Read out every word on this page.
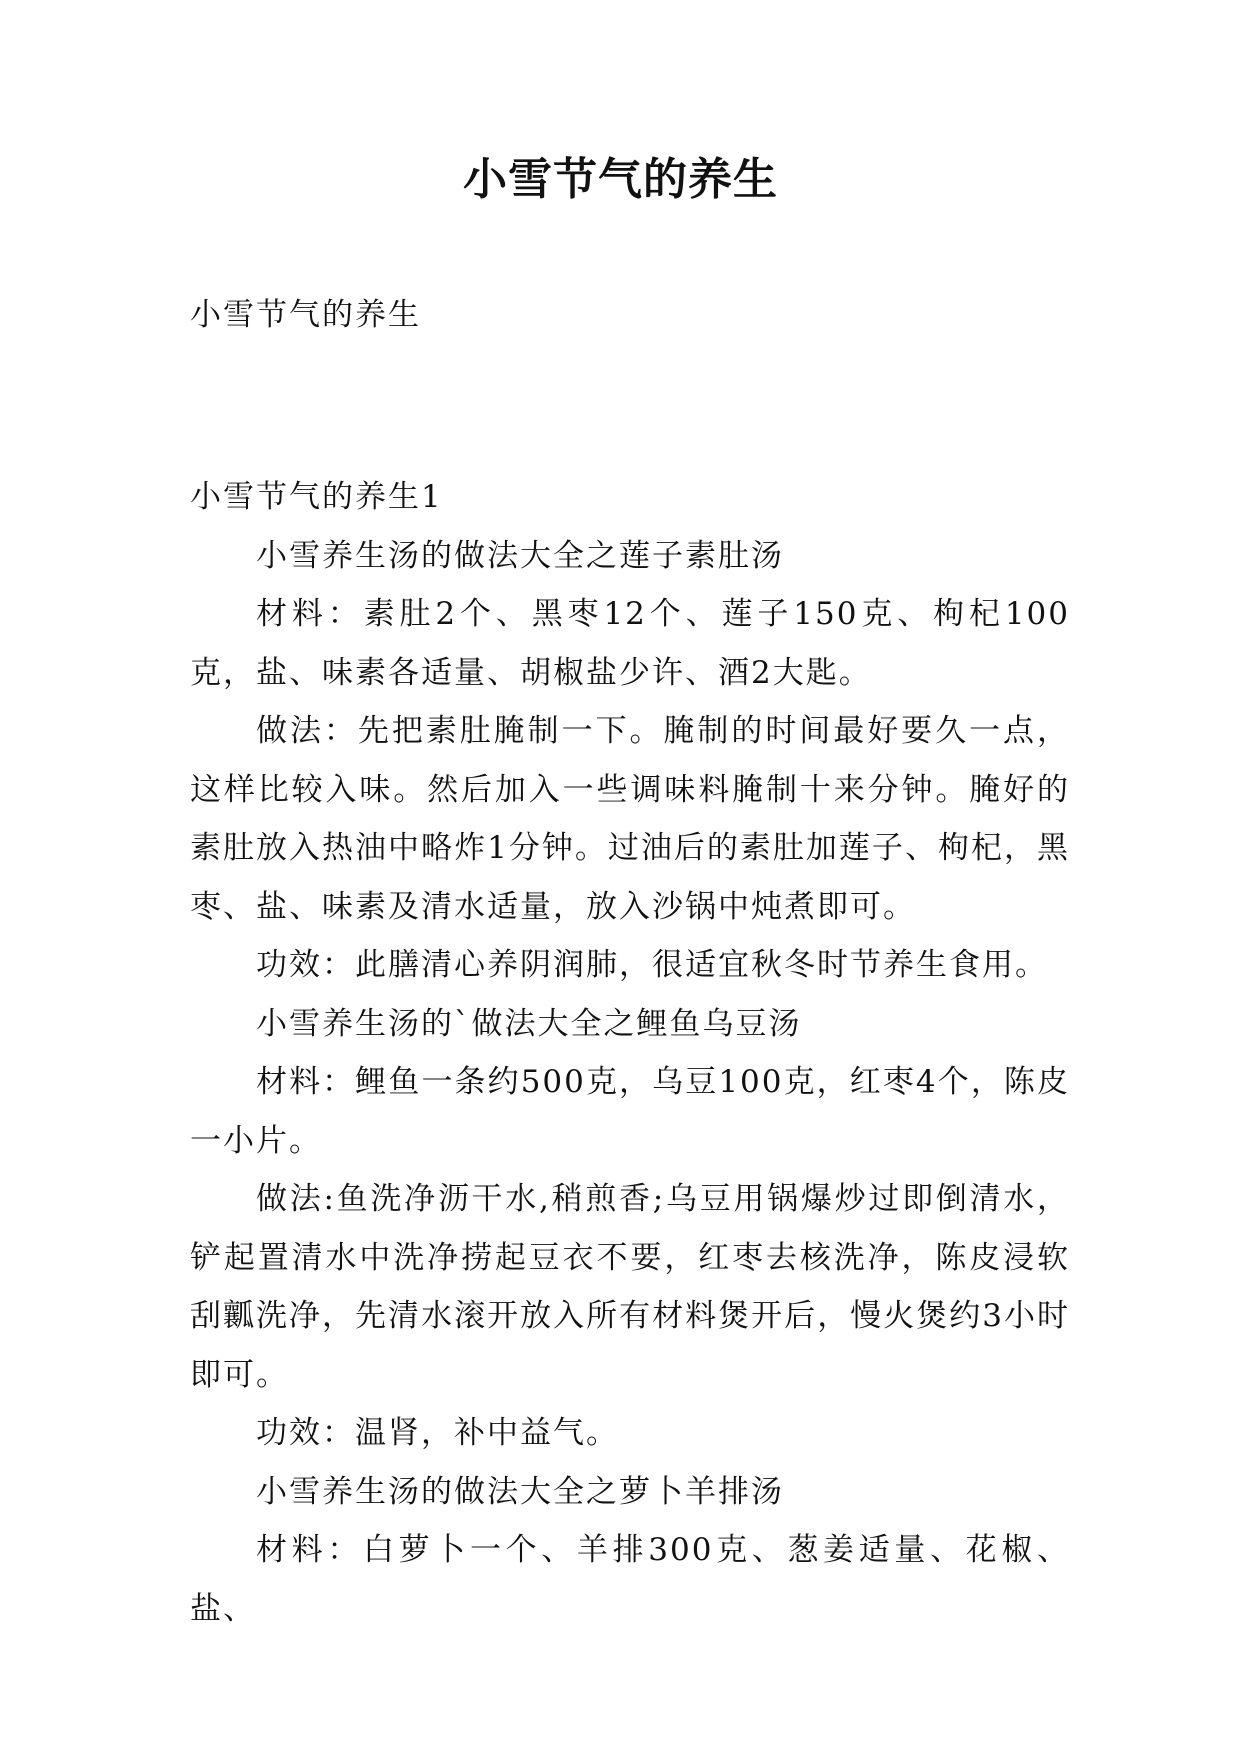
小雪节气的养生

小雪节气的养生

小雪节气的养生1

小雪养生汤的做法大全之莲子素肚汤

材料：素肚2个、黑枣12个、莲子150克、枸杞100克，盐、味素各适量、胡椒盐少许、酒2大匙。

做法：先把素肚腌制一下。腌制的时间最好要久一点，这样比较入味。然后加入一些调味料腌制十来分钟。腌好的素肚放入热油中略炸1分钟。过油后的素肚加莲子、枸杞，黑枣、盐、味素及清水适量，放入沙锅中炖煮即可。

功效：此膳清心养阴润肺，很适宜秋冬时节养生食用。

小雪养生汤的`做法大全之鲤鱼乌豆汤

材料：鲤鱼一条约500克，乌豆100克，红枣4个，陈皮一小片。

做法:鱼洗净沥干水,稍煎香;乌豆用锅爆炒过即倒清水，铲起置清水中洗净捞起豆衣不要，红枣去核洗净，陈皮浸软刮瓤洗净，先清水滚开放入所有材料煲开后，慢火煲约3小时即可。

功效：温肾，补中益气。

小雪养生汤的做法大全之萝卜羊排汤

材料：白萝卜一个、羊排300克、葱姜适量、花椒、盐、
